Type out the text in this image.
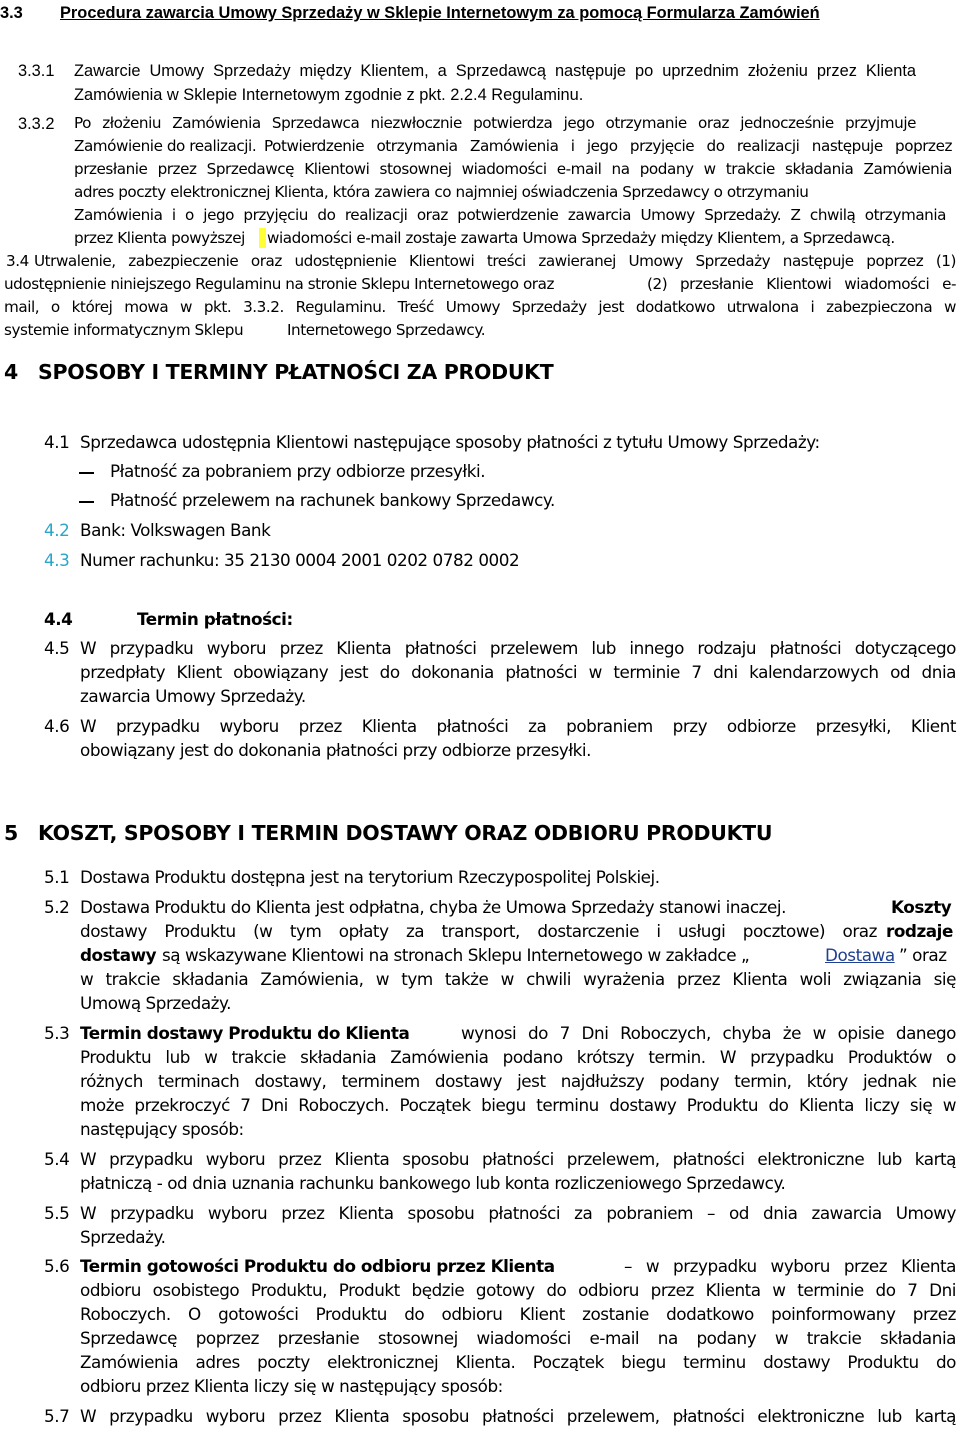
3.3 Procedura zawarcia Umowy Sprzedaży w Sklepie Internetowym za pomocą Formularza Zamówień
3.3.1 Zawarcie Umowy Sprzedaży między Klientem, a Sprzedawcą następuje po uprzednim złożeniu przez Klienta
Zamówienia w Sklepie Internetowym zgodnie z pkt. 2.2.4 Regulaminu.
3.3.2 Po złożeniu Zamówienia Sprzedawca niezwłocznie potwierdza jego otrzymanie oraz jednocześnie przyjmuje
Zamówienie do realizacji. Potwierdzenie otrzymania Zamówienia i jego przyjęcie do realizacji następuje poprzez
przesłanie przez Sprzedawcę Klientowi stosownej wiadomości e-mail na podany w trakcie składania Zamówienia
adres poczty elektronicznej Klienta, która zawiera co najmniej oświadczenia Sprzedawcy o otrzymaniu
Zamówienia i o jego przyjęciu do realizacji oraz potwierdzenie zawarcia Umowy Sprzedaży. Z chwilą otrzymania
przez Klienta powyższej wiadomości e-mail zostaje zawarta Umowa Sprzedaży między Klientem, a Sprzedawcą.
3.4 Utrwalenie, zabezpieczenie oraz udostępnienie Klientowi treści zawieranej Umowy Sprzedaży następuje poprzez (1)
udostępnienie niniejszego Regulaminu na stronie Sklepu Internetowego oraz	(2) przesłanie Klientowi wiadomości e-
mail, o której mowa w pkt. 3.3.2. Regulaminu. Treść Umowy Sprzedaży jest dodatkowo utrwalona i zabezpieczona w
systemie informatycznym Sklepu	Internetowego Sprzedawcy.
4 SPOSOBY I TERMINY PŁATNOŚCI ZA PRODUKT
4.1 Sprzedawca udostępnia Klientowi następujące sposoby płatności z tytułu Umowy Sprzedaży:
Płatność za pobraniem przy odbiorze przesyłki.
Płatność przelewem na rachunek bankowy Sprzedawcy.
4.2 Bank: Volkswagen Bank
4.3 Numer rachunku: 35 2130 0004 2001 0202 0782 0002
4.4	Termin płatności:
4.5 W przypadku wyboru przez Klienta płatności przelewem lub innego rodzaju płatności dotyczącego
przedpłaty Klient obowiązany jest do dokonania płatności w terminie 7 dni kalendarzowych od dnia
zawarcia Umowy Sprzedaży.
4.6 W przypadku wyboru przez Klienta płatności za pobraniem przy odbiorze przesyłki, Klient
obowiązany jest do dokonania płatności przy odbiorze przesyłki.
5 KOSZT, SPOSOBY I TERMIN DOSTAWY ORAZ ODBIORU PRODUKTU
5.1 Dostawa Produktu dostępna jest na terytorium Rzeczypospolitej Polskiej.
5.2 Dostawa Produktu do Klienta jest odpłatna, chyba że Umowa Sprzedaży stanowi inaczej.	Koszty
dostawy Produktu (w tym opłaty za transport, dostarczenie i usługi pocztowe) oraz rodzaje
dostawy są wskazywane Klientowi na stronach Sklepu Internetowego w zakładce „	Dostawa ” oraz
w trakcie składania Zamówienia, w tym także w chwili wyrażenia przez Klienta woli związania się
Umową Sprzedaży.
5.3 Termin dostawy Produktu do Klienta	wynosi do 7 Dni Roboczych, chyba że w opisie danego
Produktu lub w trakcie składania Zamówienia podano krótszy termin. W przypadku Produktów o
różnych terminach dostawy, terminem dostawy jest najdłuższy podany termin, który jednak nie
może przekroczyć 7 Dni Roboczych. Początek biegu terminu dostawy Produktu do Klienta liczy się w
następujący sposób:
5.4 W przypadku wyboru przez Klienta sposobu płatności przelewem, płatności elektroniczne lub kartą
płatniczą - od dnia uznania rachunku bankowego lub konta rozliczeniowego Sprzedawcy.
5.5 W przypadku wyboru przez Klienta sposobu płatności za pobraniem – od dnia zawarcia Umowy
Sprzedaży.
5.6 Termin gotowości Produktu do odbioru przez Klienta	– w przypadku wyboru przez Klienta
odbioru osobistego Produktu, Produkt będzie gotowy do odbioru przez Klienta w terminie do 7 Dni
Roboczych. O gotowości Produktu do odbioru Klient zostanie dodatkowo poinformowany przez
Sprzedawcę poprzez przesłanie stosownej wiadomości e-mail na podany w trakcie składania
Zamówienia adres poczty elektronicznej Klienta. Początek biegu terminu dostawy Produktu do
odbioru przez Klienta liczy się w następujący sposób:
5.7 W przypadku wyboru przez Klienta sposobu płatności przelewem, płatności elektroniczne lub kartą
